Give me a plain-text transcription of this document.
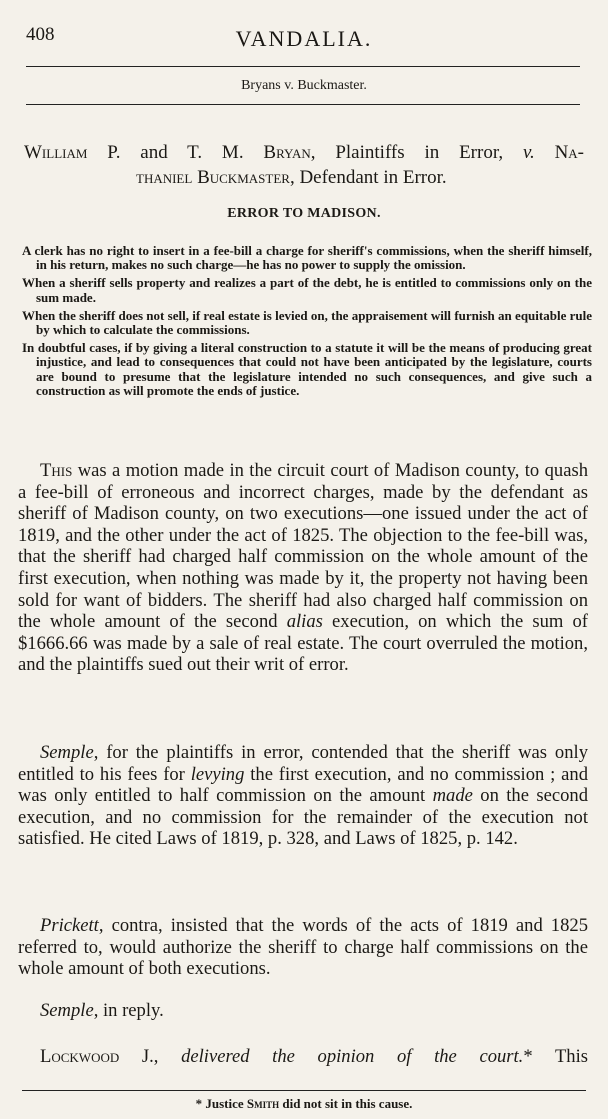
408	VANDALIA.
Bryans v. Buckmaster.
William P. and T. M. Bryan, Plaintiffs in Error, v. Na-
thaniel Buckmaster, Defendant in Error.
ERROR TO MADISON.

A clerk has no right to insert in a fee-bill a charge for sheriff's commissions, when the sheriff himself, in his return, makes no such charge—he has no power to supply the omission.

When a sheriff sells property and realizes a part of the debt, he is entitled to commissions only on the sum made.

When the sheriff does not sell, if real estate is levied on, the appraisement will furnish an equitable rule by which to calculate the commissions.

In doubtful cases, if by giving a literal construction to a statute it will be the means of producing great injustice, and lead to consequences that could not have been anticipated by the legislature, courts are bound to presume that the legislature intended no such consequences, and give such a construction as will promote the ends of justice.

This was a motion made in the circuit court of Madison county, to quash a fee-bill of erroneous and incorrect charges, made by the defendant as sheriff of Madison county, on two executions—one issued under the act of 1819, and the other under the act of 1825. The objection to the fee-bill was, that the sheriff had charged half commission on the whole amount of the first execution, when nothing was made by it, the property not having been sold for want of bidders. The sheriff had also charged half commission on the whole amount of the second alias execution, on which the sum of $1666.66 was made by a sale of real estate. The court overruled the motion, and the plaintiffs sued out their writ of error.

Semple, for the plaintiffs in error, contended that the sheriff was only entitled to his fees for levying the first execution, and no commission ; and was only entitled to half commission on the amount made on the second execution, and no commission for the remainder of the execution not satisfied. He cited Laws of 1819, p. 328, and Laws of 1825, p. 142.

Prickett, contra, insisted that the words of the acts of 1819 and 1825 referred to, would authorize the sheriff to charge half commissions on the whole amount of both executions.

Semple, in reply.

Lockwood J., delivered the opinion of the court.* This

* Justice Smith did not sit in this cause.
